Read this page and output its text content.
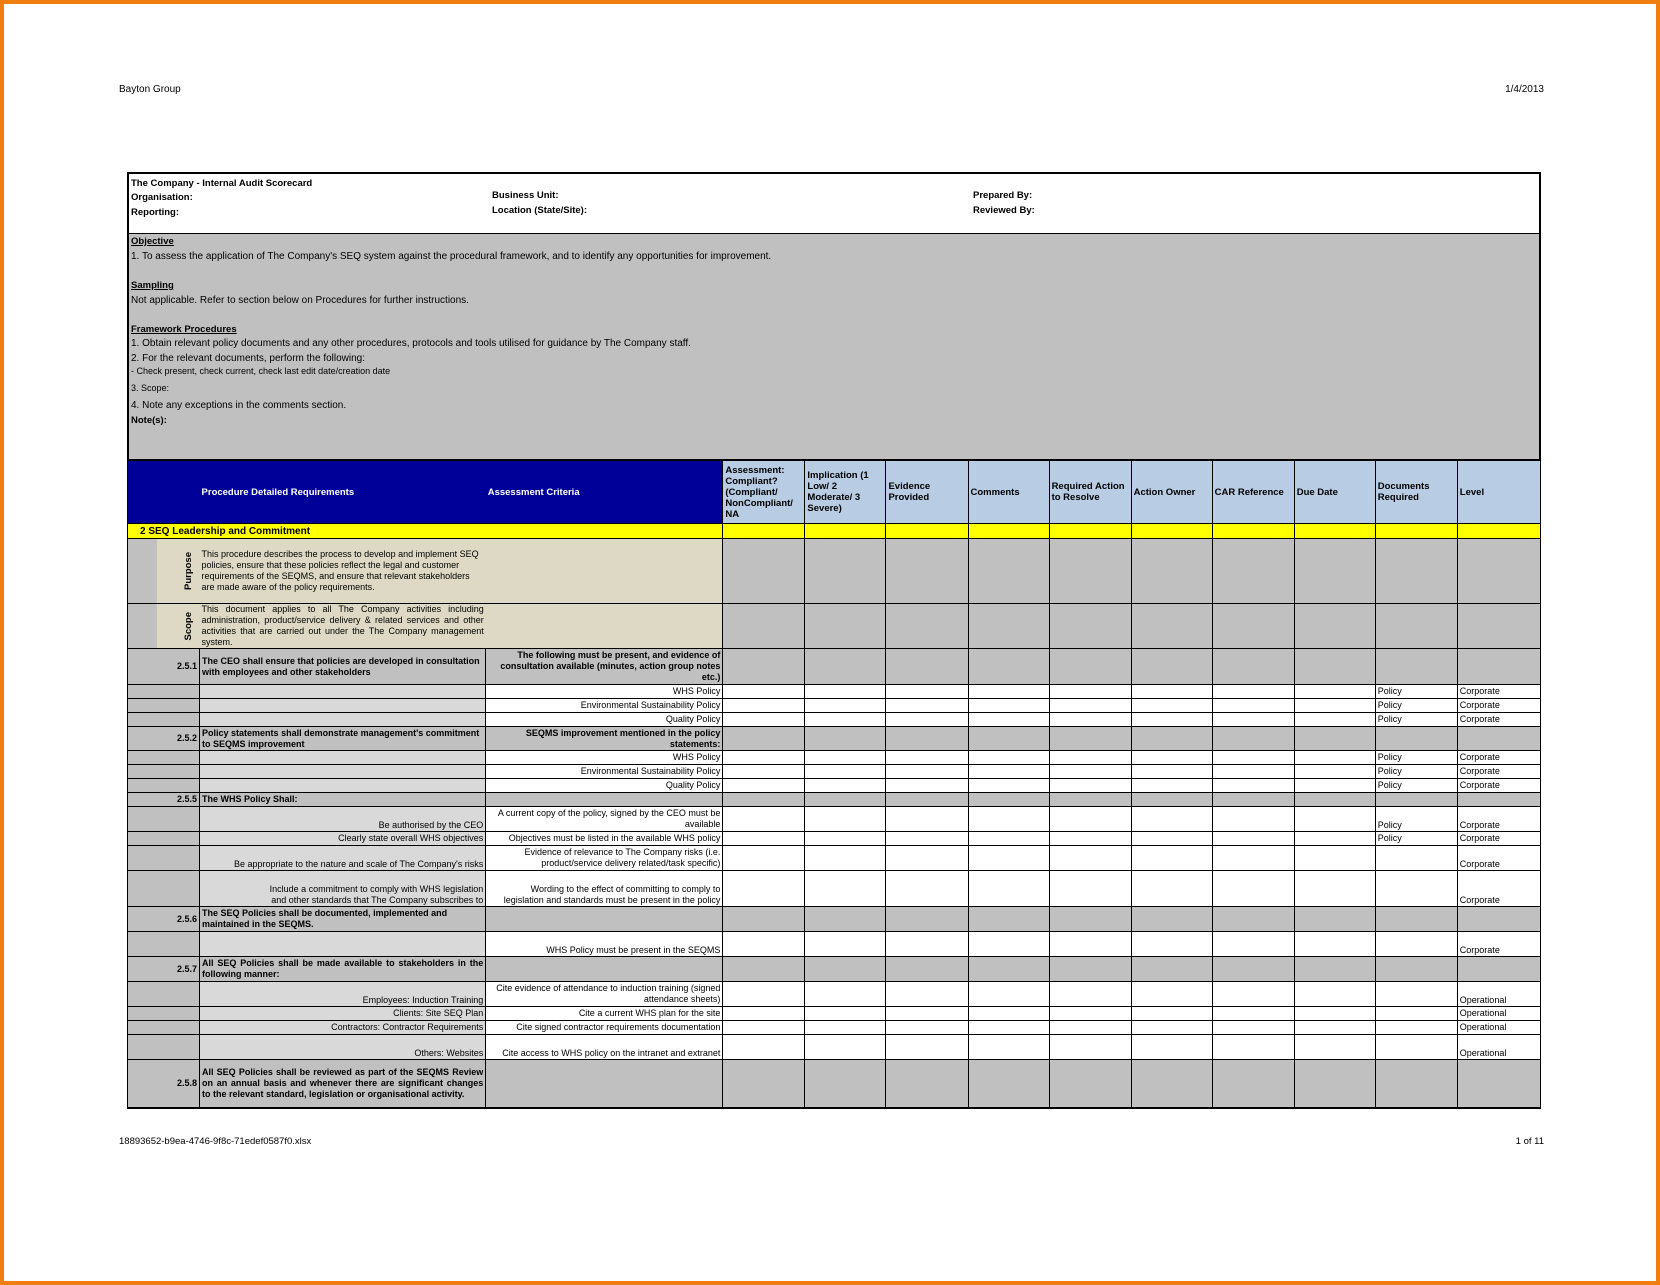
Bayton Group	1/4/2013
The Company - Internal Audit Scorecard
Organisation:
Reporting:
Business Unit:
Location (State/Site):
Prepared By:
Reviewed By:
Objective
1. To assess the application of The Company's SEQ system against the procedural framework, and to identify any opportunities for improvement.
Sampling
Not applicable. Refer to section below on Procedures for further instructions.
Framework Procedures
1. Obtain relevant policy documents and any other procedures, protocols and tools utilised for guidance by The Company staff.
2. For the relevant documents, perform the following:
- Check present, check current, check last edit date/creation date
3. Scope:
4. Note any exceptions in the comments section.
Note(s):
		Procedure Detailed Requirements	Assessment Criteria	Assessment: Compliant? (Compliant/ NonCompliant/ NA	Implication (1 Low/ 2 Moderate/ 3 Severe)	Evidence Provided	Comments	Required Action to Resolve	Action Owner	CAR Reference	Due Date	Documents Required	Level
2 SEQ Leadership and Commitment													

	Purpose	This procedure describes the process to develop and implement SEQ policies, ensure that these policies reflect the legal and customer requirements of the SEQMS, and ensure that relevant stakeholders are made aware of the policy requirements.											

	Scope	This document applies to all The Company activities including administration, product/service delivery & related services and other activities that are carried out under the The Company management system.											
	2.5.1	The CEO shall ensure that policies are developed in consultation with employees and other stakeholders	The following must be present, and evidence of consultation available (minutes, action group notes etc.)										
			WHS Policy									Policy	Corporate
			Environmental Sustainability Policy									Policy	Corporate
			Quality Policy									Policy	Corporate
	2.5.2	Policy statements shall demonstrate management's commitment to SEQMS improvement	SEQMS improvement mentioned in the policy statements:										
			WHS Policy									Policy	Corporate
			Environmental Sustainability Policy									Policy	Corporate
			Quality Policy									Policy	Corporate
	2.5.5	The WHS Policy Shall:											
		Be authorised by the CEO	A current copy of the policy, signed by the CEO must be available									Policy	Corporate
		Clearly state overall WHS objectives	Objectives must be listed in the available WHS policy									Policy	Corporate
		Be appropriate to the nature and scale of The Company's risks	Evidence of relevance to The Company risks (i.e. product/service delivery related/task specific)										Corporate
		Include a commitment to comply with WHS legislation and other standards that The Company subscribes to	Wording to the effect of committing to comply to legislation and standards must be present in the policy										Corporate
	2.5.6	The SEQ Policies shall be documented, implemented and maintained in the SEQMS.											
			WHS Policy must be present in the SEQMS										Corporate
	2.5.7	All SEQ Policies shall be made available to stakeholders in the following manner:											
		Employees: Induction Training	Cite evidence of attendance to induction training (signed attendance sheets)										Operational
		Clients: Site SEQ Plan	Cite a current WHS plan for the site										Operational
		Contractors: Contractor Requirements	Cite signed contractor requirements documentation										Operational
		Others: Websites	Cite access to WHS policy on the intranet and extranet										Operational
	2.5.8	All SEQ Policies shall be reviewed as part of the SEQMS Review on an annual basis and whenever there are significant changes to the relevant standard, legislation or organisational activity.											
18893652-b9ea-4746-9f8c-71edef0587f0.xlsx	1 of 11
